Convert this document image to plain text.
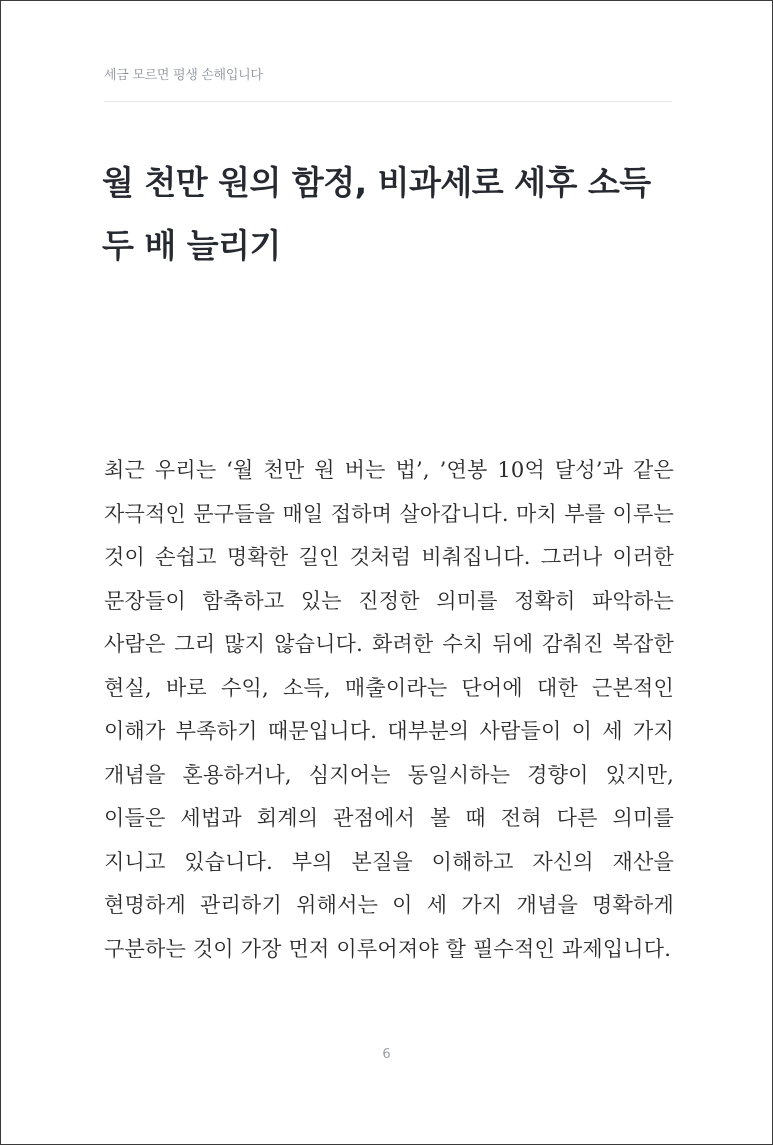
세금 모르면 평생 손해입니다
월 천만 원의 함정, 비과세로 세후 소득 두 배 늘리기

최근 우리는 ‘월 천만 원 버는 법’, ’연봉 10억 달성’과 같은 자극적인 문구들을 매일 접하며 살아갑니다. 마치 부를 이루는 것이 손쉽고 명확한 길인 것처럼 비춰집니다. 그러나 이러한 문장들이 함축하고 있는 진정한 의미를 정확히 파악하는 사람은 그리 많지 않습니다. 화려한 수치 뒤에 감춰진 복잡한 현실, 바로 수익, 소득, 매출이라는 단어에 대한 근본적인 이해가 부족하기 때문입니다. 대부분의 사람들이 이 세 가지 개념을 혼용하거나, 심지어는 동일시하는 경향이 있지만, 이들은 세법과 회계의 관점에서 볼 때 전혀 다른 의미를 지니고 있습니다. 부의 본질을 이해하고 자신의 재산을 현명하게 관리하기 위해서는 이 세 가지 개념을 명확하게 구분하는 것이 가장 먼저 이루어져야 할 필수적인 과제입니다.

6
